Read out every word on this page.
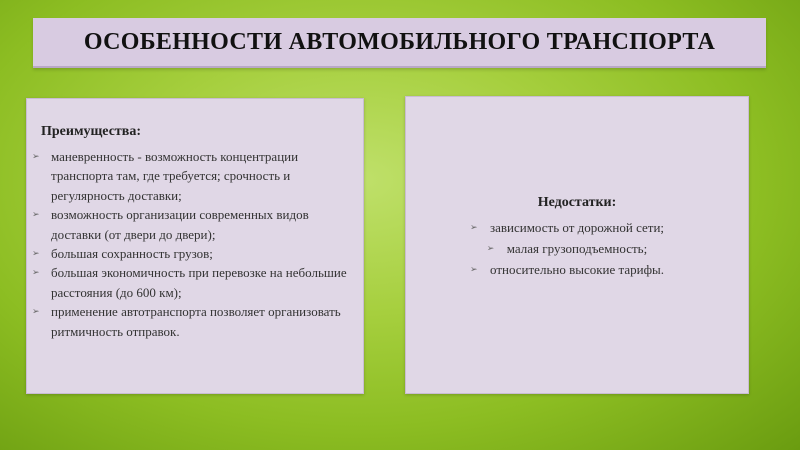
ОСОБЕННОСТИ АВТОМОБИЛЬНОГО ТРАНСПОРТА
Преимущества:
➢ маневренность - возможность концентрации транспорта там, где требуется; срочность и регулярность доставки;
➢ возможность организации современных видов доставки (от двери до двери);
➢ большая сохранность грузов;
➢ большая экономичность при перевозке на небольшие расстояния (до 600 км);
➢ применение автотранспорта позволяет организовать ритмичность отправок.
Недостатки:
➢ зависимость от дорожной сети;
➢ малая грузоподъемность;
➢ относительно высокие тарифы.
